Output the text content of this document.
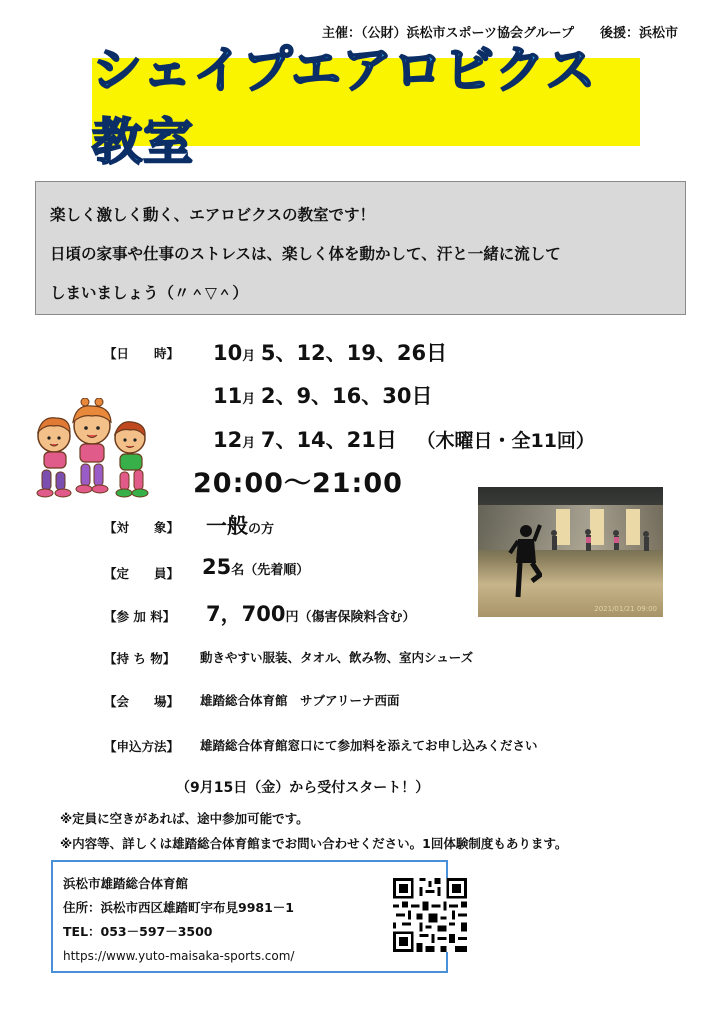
主催：（公財）浜松市スポーツ協会グループ　　後援：浜松市
シェイプエアロビクス教室

楽しく激しく動く、エアロビクスの教室です！

日頃の家事や仕事のストレスは、楽しく体を動かして、汗と一緒に流して

しまいましょう（〃＾▽＾）

【日　　時】 10月 5、12、19、26日
11月 2、9、16、30日
12月 7、14、21日 （木曜日・全11回）
20:00～21:00
2021/01/21 09:00
【対　　象】 一般の方
【定　　員】 25名（先着順）
【参 加 料】 7，700円（傷害保険料含む）
【持 ち 物】 動きやすい服装、タオル、飲み物、室内シューズ
【会　　場】 雄踏総合体育館　サブアリーナ西面
【申込方法】 雄踏総合体育館窓口にて参加料を添えてお申し込みください
（9月15日（金）から受付スタート！）
※定員に空きがあれば、途中参加可能です。
※内容等、詳しくは雄踏総合体育館までお問い合わせください。1回体験制度もあります。
浜松市雄踏総合体育館
住所：浜松市西区雄踏町宇布見9981－1
TEL：053－597－3500
https://www.yuto-maisaka-sports.com/
